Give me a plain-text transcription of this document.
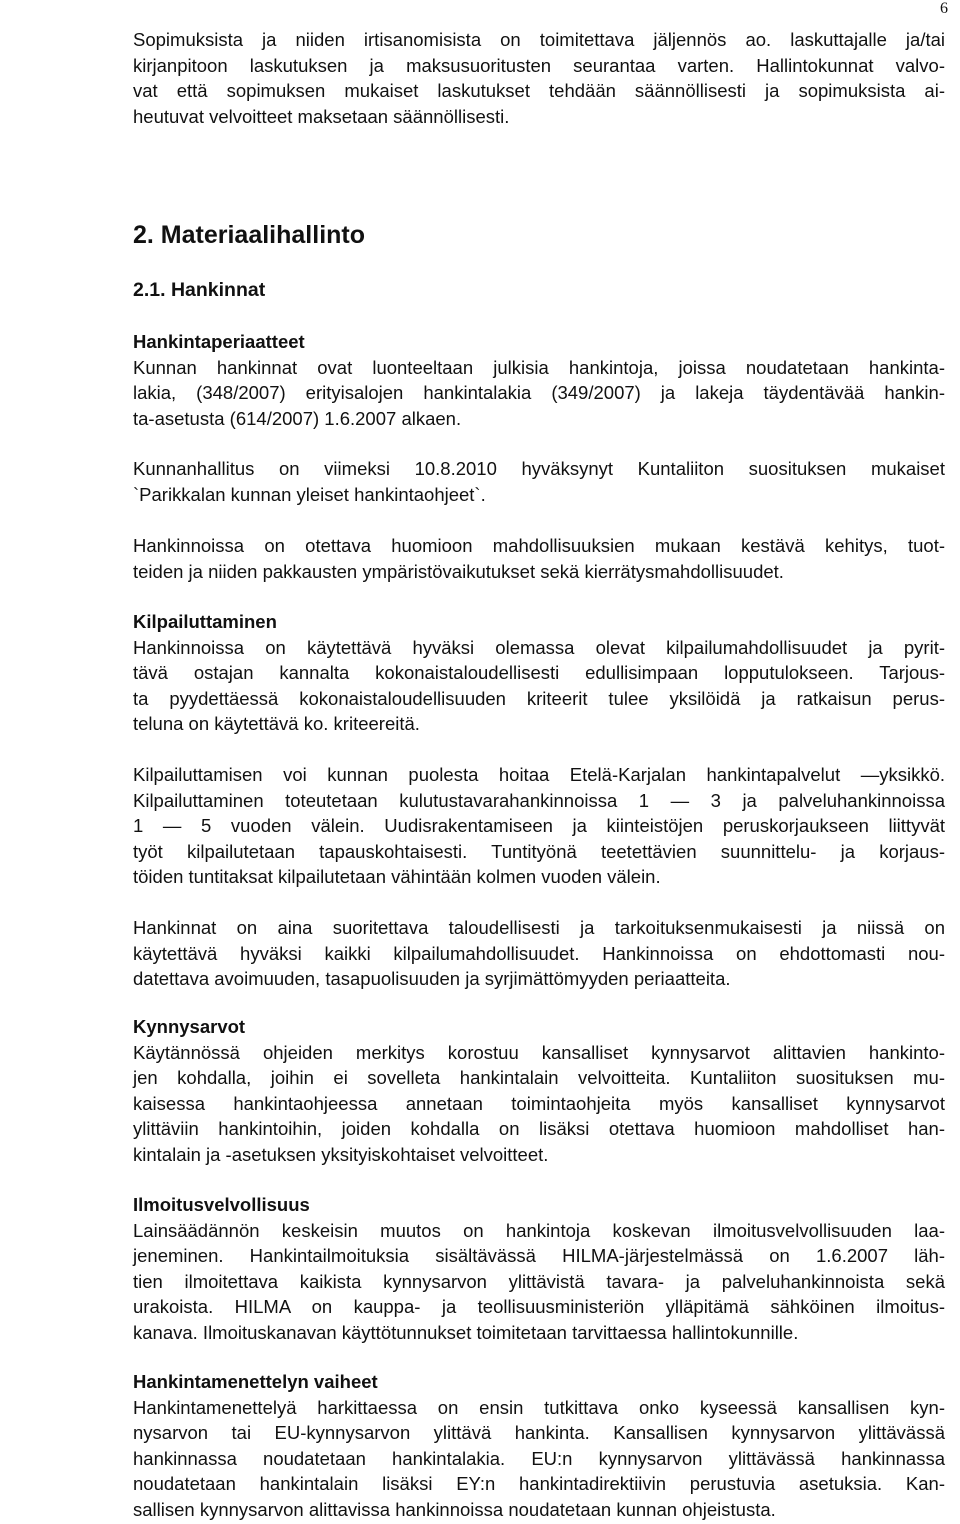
6
Sopimuksista ja niiden irtisanomisista on toimitettava jäljennös ao. laskuttajalle ja/tai
kirjanpitoon laskutuksen ja maksusuoritusten seurantaa varten. Hallintokunnat valvo-
vat että sopimuksen mukaiset laskutukset tehdään säännöllisesti ja sopimuksista ai-
heutuvat velvoitteet maksetaan säännöllisesti.
2. Materiaalihallinto
2.1. Hankinnat
Hankintaperiaatteet
Kunnan hankinnat ovat luonteeltaan julkisia hankintoja, joissa noudatetaan hankinta-
lakia, (348/2007) erityisalojen hankintalakia (349/2007) ja lakeja täydentävää hankin-
ta-asetusta (614/2007) 1.6.2007 alkaen.
Kunnanhallitus on viimeksi 10.8.2010 hyväksynyt Kuntaliiton suosituksen mukaiset
`Parikkalan kunnan yleiset hankintaohjeet`.
Hankinnoissa on otettava huomioon mahdollisuuksien mukaan kestävä kehitys, tuot-
teiden ja niiden pakkausten ympäristövaikutukset sekä kierrätysmahdollisuudet.
Kilpailuttaminen
Hankinnoissa on käytettävä hyväksi olemassa olevat kilpailumahdollisuudet ja pyrit-
tävä ostajan kannalta kokonaistaloudellisesti edullisimpaan lopputulokseen. Tarjous-
ta pyydettäessä kokonaistaloudellisuuden kriteerit tulee yksilöidä ja ratkaisun perus-
teluna on käytettävä ko. kriteereitä.
Kilpailuttamisen voi kunnan puolesta hoitaa Etelä-Karjalan hankintapalvelut —yksikkö.
Kilpailuttaminen toteutetaan kulutustavarahankinnoissa 1 — 3 ja palveluhankinnoissa
1 — 5 vuoden välein. Uudisrakentamiseen ja kiinteistöjen peruskorjaukseen liittyvät
työt kilpailutetaan tapauskohtaisesti. Tuntityönä teetettävien suunnittelu- ja korjaus-
töiden tuntitaksat kilpailutetaan vähintään kolmen vuoden välein.
Hankinnat on aina suoritettava taloudellisesti ja tarkoituksenmukaisesti ja niissä on
käytettävä hyväksi kaikki kilpailumahdollisuudet. Hankinnoissa on ehdottomasti nou-
datettava avoimuuden, tasapuolisuuden ja syrjimättömyyden periaatteita.
Kynnysarvot
Käytännössä ohjeiden merkitys korostuu kansalliset kynnysarvot alittavien hankinto-
jen kohdalla, joihin ei sovelleta hankintalain velvoitteita. Kuntaliiton suosituksen mu-
kaisessa hankintaohjeessa annetaan toimintaohjeita myös kansalliset kynnysarvot
ylittäviin hankintoihin, joiden kohdalla on lisäksi otettava huomioon mahdolliset han-
kintalain ja -asetuksen yksityiskohtaiset velvoitteet.
Ilmoitusvelvollisuus
Lainsäädännön keskeisin muutos on hankintoja koskevan ilmoitusvelvollisuuden laa-
jeneminen. Hankintailmoituksia sisältävässä HILMA-järjestelmässä on 1.6.2007 läh-
tien ilmoitettava kaikista kynnysarvon ylittävistä tavara- ja palveluhankinnoista sekä
urakoista. HILMA on kauppa- ja teollisuusministeriön ylläpitämä sähköinen ilmoitus-
kanava. Ilmoituskanavan käyttötunnukset toimitetaan tarvittaessa hallintokunnille.
Hankintamenettelyn vaiheet
Hankintamenettelyä harkittaessa on ensin tutkittava onko kyseessä kansallisen kyn-
nysarvon tai EU-kynnysarvon ylittävä hankinta. Kansallisen kynnysarvon ylittävässä
hankinnassa noudatetaan hankintalakia. EU:n kynnysarvon ylittävässä hankinnassa
noudatetaan hankintalain lisäksi EY:n hankintadirektiivin perustuvia asetuksia. Kan-
sallisen kynnysarvon alittavissa hankinnoissa noudatetaan kunnan ohjeistusta.
